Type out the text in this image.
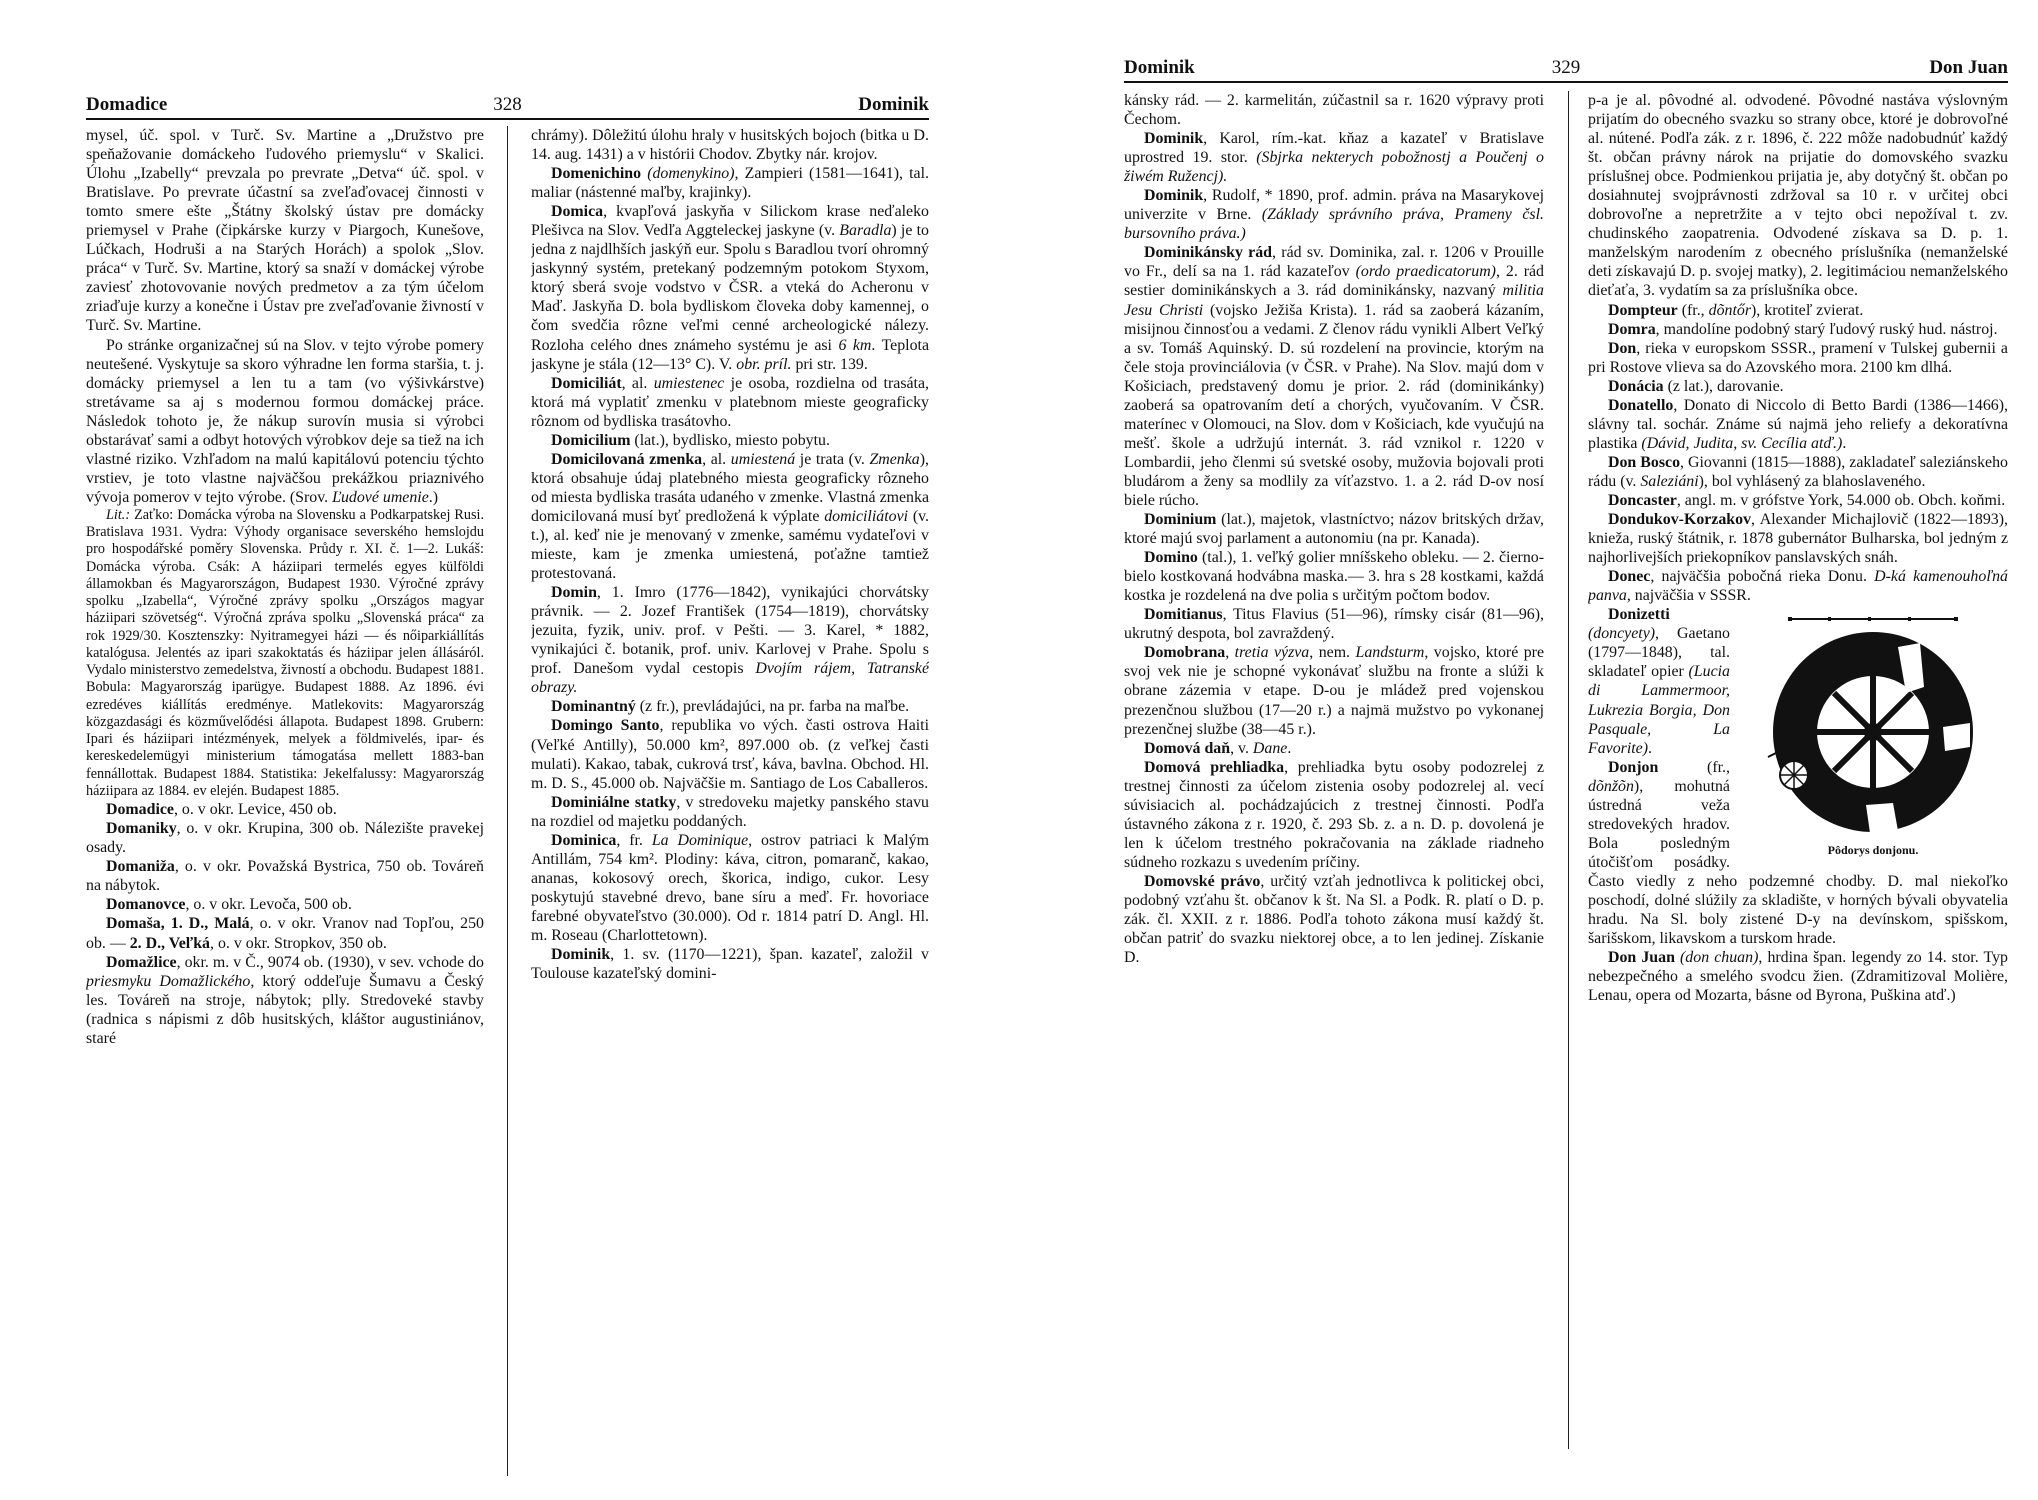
Domadice	328	Dominik

mysel, úč. spol. v Turč. Sv. Martine a „Družstvo pre speňažovanie domáckeho ľudového priemyslu“ v Skalici. Úlohu „Izabelly“ prevzala po prevrate „Detva“ úč. spol. v Bratislave. Po prevrate účastní sa zveľaďovacej činnosti v tomto smere ešte „Štátny školský ústav pre domácky priemysel v Prahe (čipkárske kurzy v Piargoch, Kunešove, Lúčkach, Hodruši a na Starých Horách) a spolok „Slov. práca“ v Turč. Sv. Martine, ktorý sa snaží v domáckej výrobe zaviesť zhotovovanie nových predmetov a za tým účelom zriaďuje kurzy a konečne i Ústav pre zveľaďovanie živností v Turč. Sv. Martine.

Po stránke organizačnej sú na Slov. v tejto výrobe pomery neutešené. Vyskytuje sa skoro výhradne len forma staršia, t. j. domácky priemysel a len tu a tam (vo výšivkárstve) stretávame sa aj s modernou formou domáckej práce. Následok tohoto je, že nákup surovín musia si výrobci obstarávať sami a odbyt hotových výrobkov deje sa tiež na ich vlastné riziko. Vzhľadom na malú kapitálovú potenciu týchto vrstiev, je toto vlastne najväčšou prekážkou priaznivého vývoja pomerov v tejto výrobe. (Srov. Ľudové umenie.)

Lit.: Zaťko: Domácka výroba na Slovensku a Podkarpatskej Rusi. Bratislava 1931. Vydra: Výhody organisace severského hemslojdu pro hospodářské poměry Slovenska. Průdy r. XI. č. 1—2. Lukáš: Domácka výroba. Csák: A háziipari termelés egyes külföldi államokban és Magyarországon, Budapest 1930. Výročné zprávy spolku „Izabella“, Výročné zprávy spolku „Országos magyar háziipari szövetség“. Výročná zpráva spolku „Slovenská práca“ za rok 1929/30. Kosztenszky: Nyitramegyei házi — és nőiparkiállítás katalógusa. Jelentés az ipari szakoktatás és háziipar jelen állásáról. Vydalo ministerstvo zemedelstva, živností a obchodu. Budapest 1881. Bobula: Magyarország iparügye. Budapest 1888. Az 1896. évi ezredéves kiállítás eredménye. Matlekovits: Magyarország közgazdasági és közművelődési állapota. Budapest 1898. Grubern: Ipari és háziipari intézmények, melyek a földmivelés, ipar- és kereskedelemügyi ministerium támogatása mellett 1883-ban fennállottak. Budapest 1884. Statistika: Jekelfalussy: Magyarország háziipara az 1884. ev elején. Budapest 1885.

Domadice, o. v okr. Levice, 450 ob.

Domaniky, o. v okr. Krupina, 300 ob. Nálezište pravekej osady.

Domaniža, o. v okr. Považská Bystrica, 750 ob. Továreň na nábytok.

Domanovce, o. v okr. Levoča, 500 ob.

Domaša, 1. D., Malá, o. v okr. Vranov nad Topľou, 250 ob. — 2. D., Veľká, o. v okr. Stropkov, 350 ob.

Domažlice, okr. m. v Č., 9074 ob. (1930), v sev. vchode do priesmyku Domažlického, ktorý oddeľuje Šumavu a Český les. Továreň na stroje, nábytok; plly. Stredoveké stavby (radnica s nápismi z dôb husitských, kláštor augustiniánov, staré

chrámy). Dôležitú úlohu hraly v husitských bojoch (bitka u D. 14. aug. 1431) a v histórii Chodov. Zbytky nár. krojov.

Domenichino (domenykino), Zampieri (1581—1641), tal. maliar (nástenné maľby, krajinky).

Domica, kvapľová jaskyňa v Silickom krase neďaleko Plešivca na Slov. Vedľa Aggteleckej jaskyne (v. Baradla) je to jedna z najdlhších jaskýň eur. Spolu s Baradlou tvorí ohromný jaskynný systém, pretekaný podzemným potokom Styxom, ktorý sberá svoje vodstvo v ČSR. a vteká do Acheronu v Maď. Jaskyňa D. bola bydliskom človeka doby kamennej, o čom svedčia rôzne veľmi cenné archeologické nálezy. Rozloha celého dnes známeho systému je asi 6 km. Teplota jaskyne je stála (12—13° C). V. obr. príl. pri str. 139.

Domiciliát, al. umiestenec je osoba, rozdielna od trasáta, ktorá má vyplatiť zmenku v platebnom mieste geograficky rôznom od bydliska trasátovho.

Domicilium (lat.), bydlisko, miesto pobytu.

Domicilovaná zmenka, al. umiestená je trata (v. Zmenka), ktorá obsahuje údaj platebného miesta geograficky rôzneho od miesta bydliska trasáta udaného v zmenke. Vlastná zmenka domicilovaná musí byť predložená k výplate domiciliátovi (v. t.), al. keď nie je menovaný v zmenke, samému vydateľovi v mieste, kam je zmenka umiestená, poťažne tamtiež protestovaná.

Domin, 1. Imro (1776—1842), vynikajúci chorvátsky právnik. — 2. Jozef František (1754—1819), chorvátsky jezuita, fyzik, univ. prof. v Pešti. — 3. Karel, * 1882, vynikajúci č. botanik, prof. univ. Karlovej v Prahe. Spolu s prof. Danešom vydal cestopis Dvojím rájem, Tatranské obrazy.

Dominantný (z fr.), prevládajúci, na pr. farba na maľbe.

Domingo Santo, republika vo vých. časti ostrova Haiti (Veľké Antilly), 50.000 km², 897.000 ob. (z veľkej časti mulati). Kakao, tabak, cukrová trsť, káva, bavlna. Obchod. Hl. m. D. S., 45.000 ob. Najväčšie m. Santiago de Los Caballeros.

Dominiálne statky, v stredoveku majetky panského stavu na rozdiel od majetku poddaných.

Dominica, fr. La Dominique, ostrov patriaci k Malým Antillám, 754 km². Plodiny: káva, citron, pomaranč, kakao, ananas, kokosový orech, škorica, indigo, cukor. Lesy poskytujú stavebné drevo, bane síru a meď. Fr. hovoriace farebné obyvateľstvo (30.000). Od r. 1814 patrí D. Angl. Hl. m. Roseau (Charlottetown).

Dominik, 1. sv. (1170—1221), špan. kazateľ, založil v Toulouse kazateľský domini-

Dominik	329	Don Juan

kánsky rád. — 2. karmelitán, zúčastnil sa r. 1620 výpravy proti Čechom.

Dominik, Karol, rím.-kat. kňaz a kazateľ v Bratislave uprostred 19. stor. (Sbjrka nekterych pobožnostj a Poučenj o žiwém Ružencj).

Dominik, Rudolf, * 1890, prof. admin. práva na Masarykovej univerzite v Brne. (Základy správního práva, Prameny čsl. bursovního práva.)

Dominikánsky rád, rád sv. Dominika, zal. r. 1206 v Prouille vo Fr., delí sa na 1. rád kazateľov (ordo praedicatorum), 2. rád sestier dominikánskych a 3. rád dominikánsky, nazvaný militia Jesu Christi (vojsko Ježiša Krista). 1. rád sa zaoberá kázaním, misijnou činnosťou a vedami. Z členov rádu vynikli Albert Veľký a sv. Tomáš Aquinský. D. sú rozdelení na provincie, ktorým na čele stoja provinciálovia (v ČSR. v Prahe). Na Slov. majú dom v Košiciach, predstavený domu je prior. 2. rád (dominikánky) zaoberá sa opatrovaním detí a chorých, vyučovaním. V ČSR. materínec v Olomouci, na Slov. dom v Košiciach, kde vyučujú na mešť. škole a udržujú internát. 3. rád vznikol r. 1220 v Lombardii, jeho členmi sú svetské osoby, mužovia bojovali proti bludárom a ženy sa modlily za víťazstvo. 1. a 2. rád D-ov nosí biele rúcho.

Dominium (lat.), majetok, vlastníctvo; názov britských držav, ktoré majú svoj parlament a autonomiu (na pr. Kanada).

Domino (tal.), 1. veľký golier mníšskeho obleku. — 2. čierno-bielo kostkovaná hodvábna maska.— 3. hra s 28 kostkami, každá kostka je rozdelená na dve polia s určitým počtom bodov.

Domitianus, Titus Flavius (51—96), rímsky cisár (81—96), ukrutný despota, bol zavraždený.

Domobrana, tretia výzva, nem. Landsturm, vojsko, ktoré pre svoj vek nie je schopné vykonávať službu na fronte a slúži k obrane zázemia v etape. D-ou je mládež pred vojenskou prezenčnou službou (17—20 r.) a najmä mužstvo po vykonanej prezenčnej službe (38—45 r.).

Domová daň, v. Dane.

Domová prehliadka, prehliadka bytu osoby podozrelej z trestnej činnosti za účelom zistenia osoby podozrelej al. vecí súvisiacich al. pochádzajúcich z trestnej činnosti. Podľa ústavného zákona z r. 1920, č. 293 Sb. z. a n. D. p. dovolená je len k účelom trestného pokračovania na základe riadneho súdneho rozkazu s uvedením príčiny.

Domovské právo, určitý vzťah jednotlivca k politickej obci, podobný vzťahu št. občanov k št. Na Sl. a Podk. R. platí o D. p. zák. čl. XXII. z r. 1886. Podľa tohoto zákona musí každý št. občan patriť do svazku niektorej obce, a to len jedinej. Získanie D.

p-a je al. pôvodné al. odvodené. Pôvodné nastáva výslovným prijatím do obecného svazku so strany obce, ktoré je dobrovoľné al. nútené. Podľa zák. z r. 1896, č. 222 môže nadobudnúť každý št. občan právny nárok na prijatie do domovského svazku príslušnej obce. Podmienkou prijatia je, aby dotyčný št. občan po dosiahnutej svojprávnosti zdržoval sa 10 r. v určitej obci dobrovoľne a nepretržite a v tejto obci nepožíval t. zv. chudinského zaopatrenia. Odvodené získava sa D. p. 1. manželským narodením z obecného príslušníka (nemanželské deti získavajú D. p. svojej matky), 2. legitimáciou nemanželského dieťaťa, 3. vydatím sa za príslušníka obce.

Dompteur (fr., dõntőr), krotiteľ zvierat.

Domra, mandolíne podobný starý ľudový ruský hud. nástroj.

Don, rieka v europskom SSSR., pramení v Tulskej gubernii a pri Rostove vlieva sa do Azovského mora. 2100 km dlhá.

Donácia (z lat.), darovanie.

Donatello, Donato di Niccolo di Betto Bardi (1386—1466), slávny tal. sochár. Známe sú najmä jeho reliefy a dekoratívna plastika (Dávid, Judita, sv. Cecília atď.).

Don Bosco, Giovanni (1815—1888), zakladateľ saleziánskeho rádu (v. Saleziáni), bol vyhlásený za blahoslaveného.

Doncaster, angl. m. v grófstve York, 54.000 ob. Obch. koňmi.

Dondukov-Korzakov, Alexander Michajlovič (1822—1893), knieža, ruský štátnik, r. 1878 gubernátor Bulharska, bol jedným z najhorlivejších priekopníkov panslavských snáh.

Donec, najväčšia pobočná rieka Donu. D-ká kamenouhoľná panva, najväčšia v SSSR.

Pôdorys donjonu.

Donizetti (doncyety), Gaetano (1797—1848), tal. skladateľ opier (Lucia di Lammermoor, Lukrezia Borgia, Don Pasquale, La Favorite).

Donjon (fr., dõnžõn), mohutná ústredná veža stredovekých hradov. Bola posledným útočišťom posádky. Často viedly z neho podzemné chodby. D. mal niekoľko poschodí, dolné slúžily za skladište, v horných bývali obyvatelia hradu. Na Sl. boly zistené D-y na devínskom, spišskom, šarišskom, likavskom a turskom hrade.

Don Juan (don chuan), hrdina špan. legendy zo 14. stor. Typ nebezpečného a smelého svodcu žien. (Zdramitizoval Molière, Lenau, opera od Mozarta, básne od Byrona, Puškina atď.)
